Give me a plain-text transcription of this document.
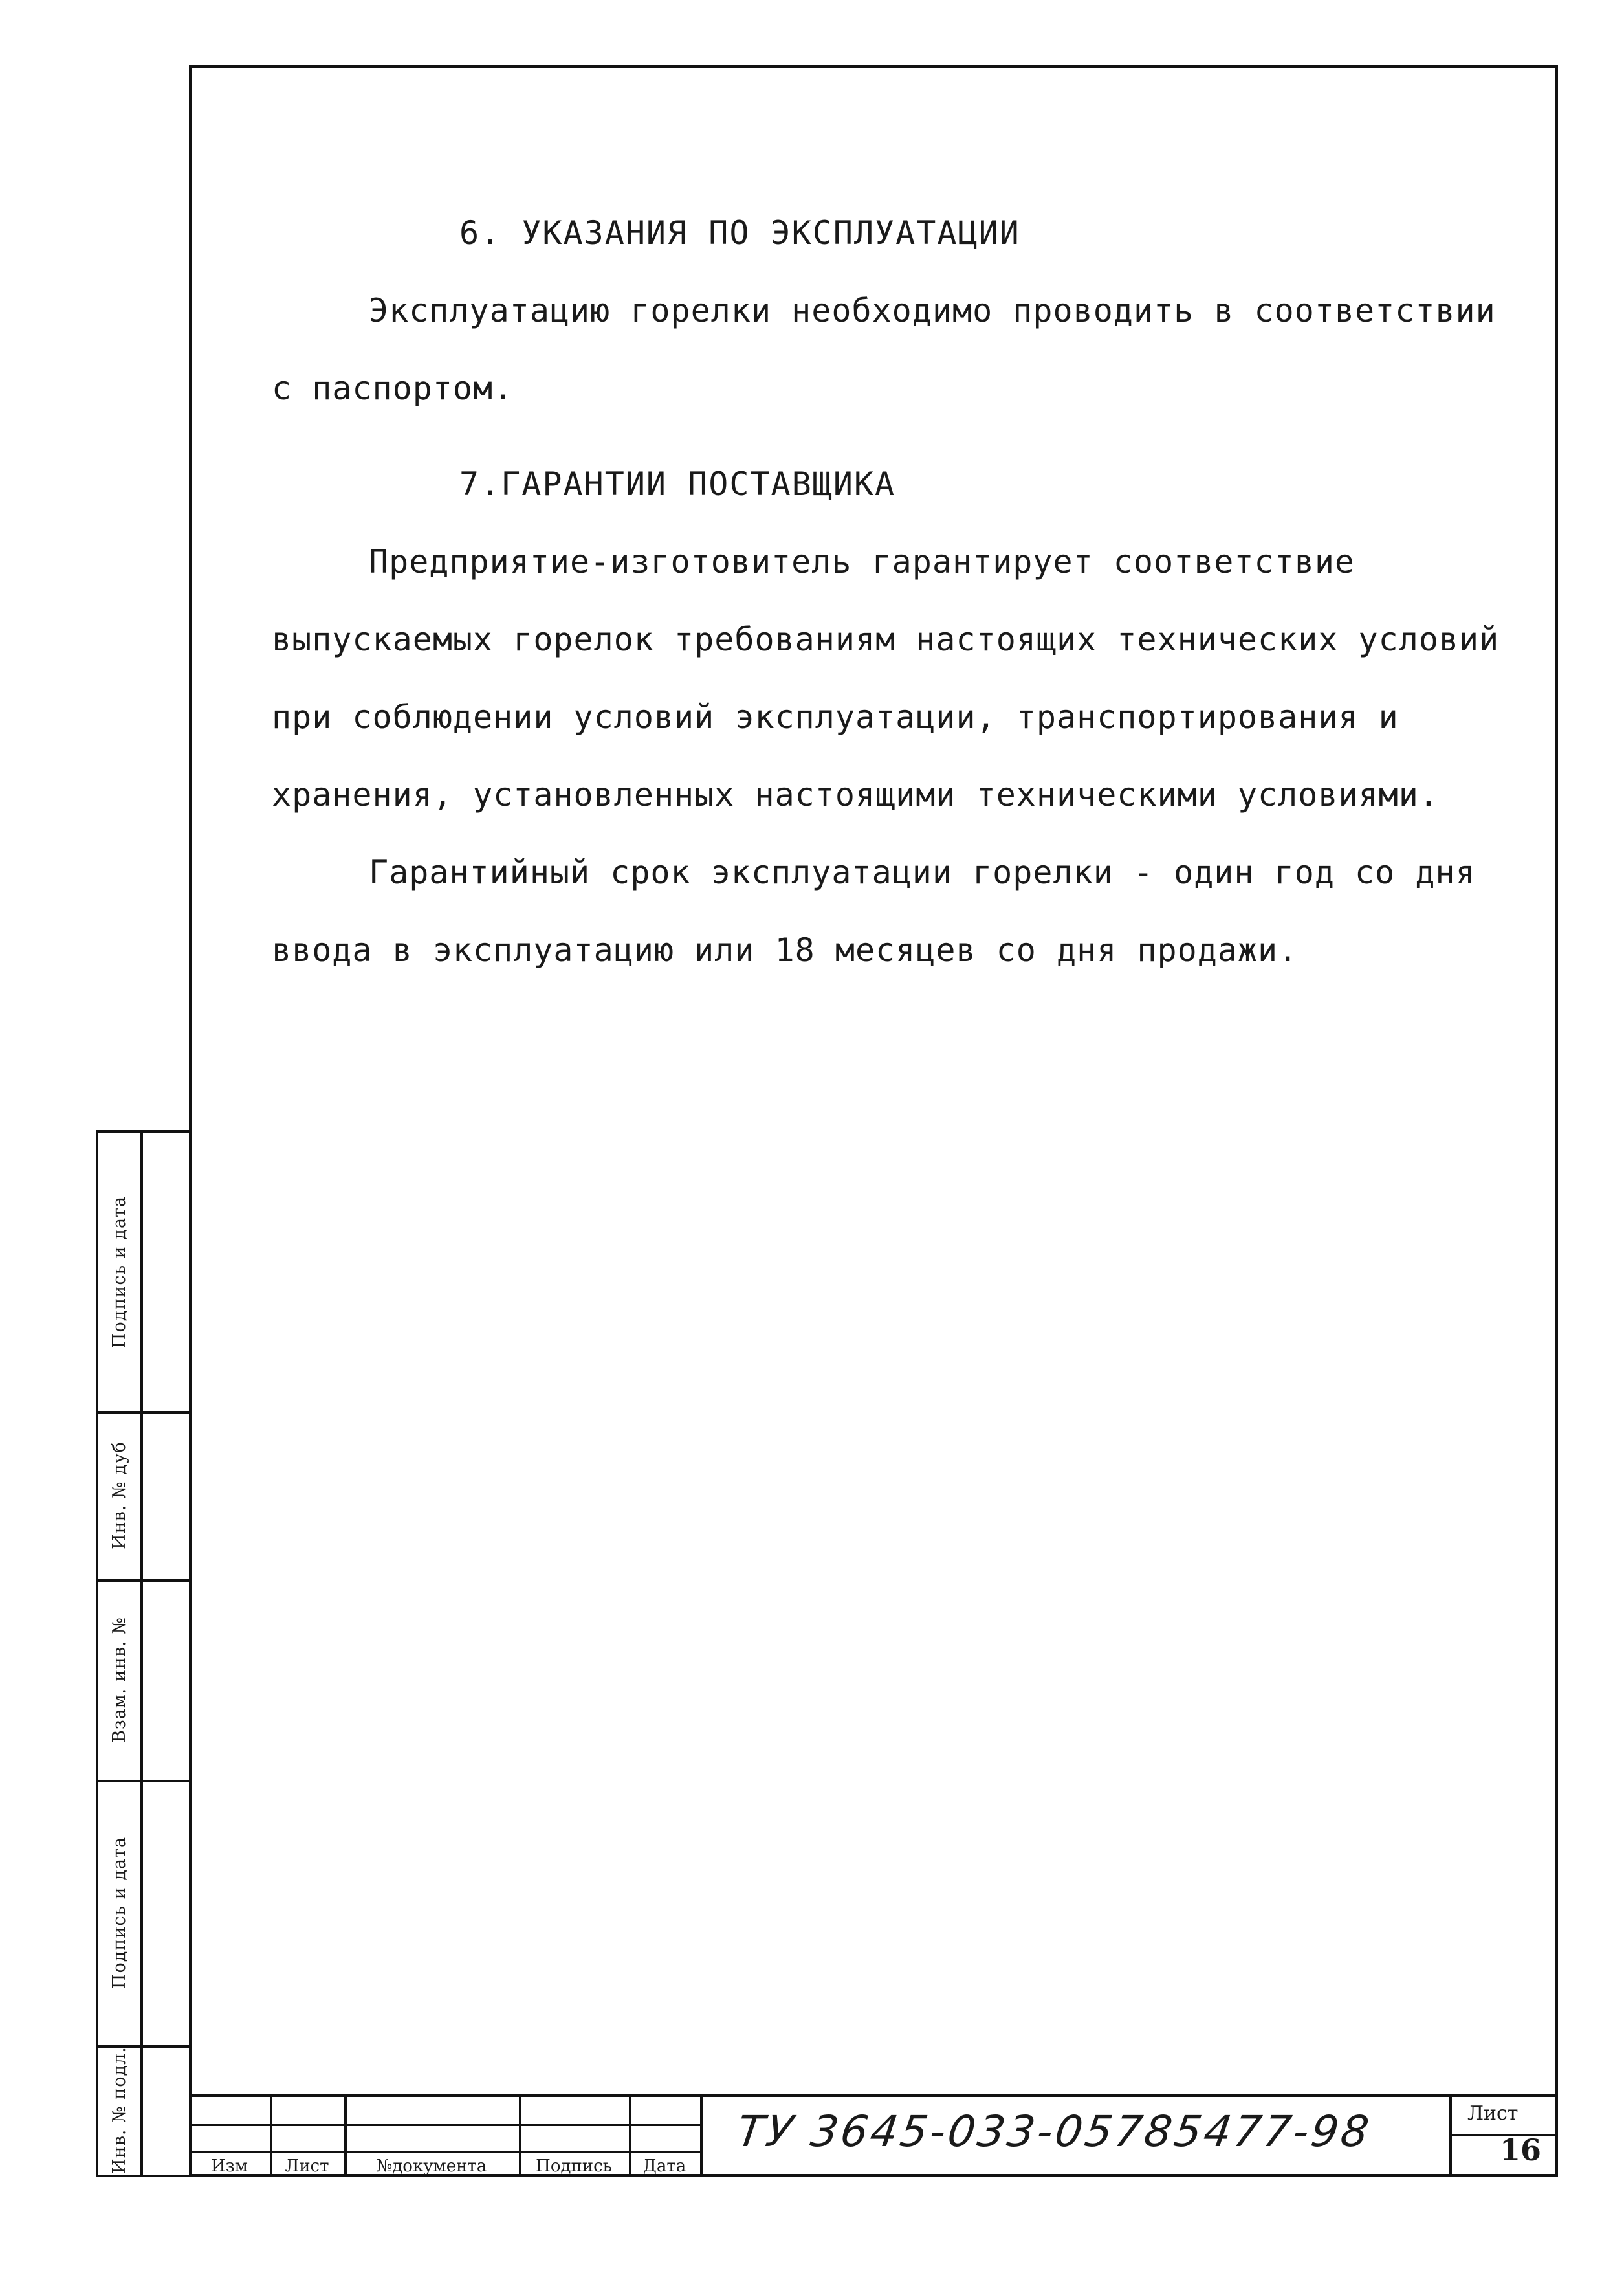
6. УКАЗАНИЯ ПО ЭКСПЛУАТАЦИИ
Эксплуатацию горелки необходимо проводить в соответствии с паспортом.
7.ГАРАНТИИ ПОСТАВЩИКА
Предприятие-изготовитель гарантирует соответствие выпускаемых горелок требованиям настоящих технических условий при соблюдении условий эксплуатации, транспортирования и хранения, установленных настоящими техническими условиями.
Гарантийный срок эксплуатации горелки - один год со дня ввода в эксплуатацию или 18 месяцев со дня продажи.
Подпись и дата
Инв. № дуб
Взам. инв. №
Подпись и дата
Инв. № подл.	Изм	Лист	№документа	Подпись	Дата
ТУ 3645-033-05785477-98	Лист
16
